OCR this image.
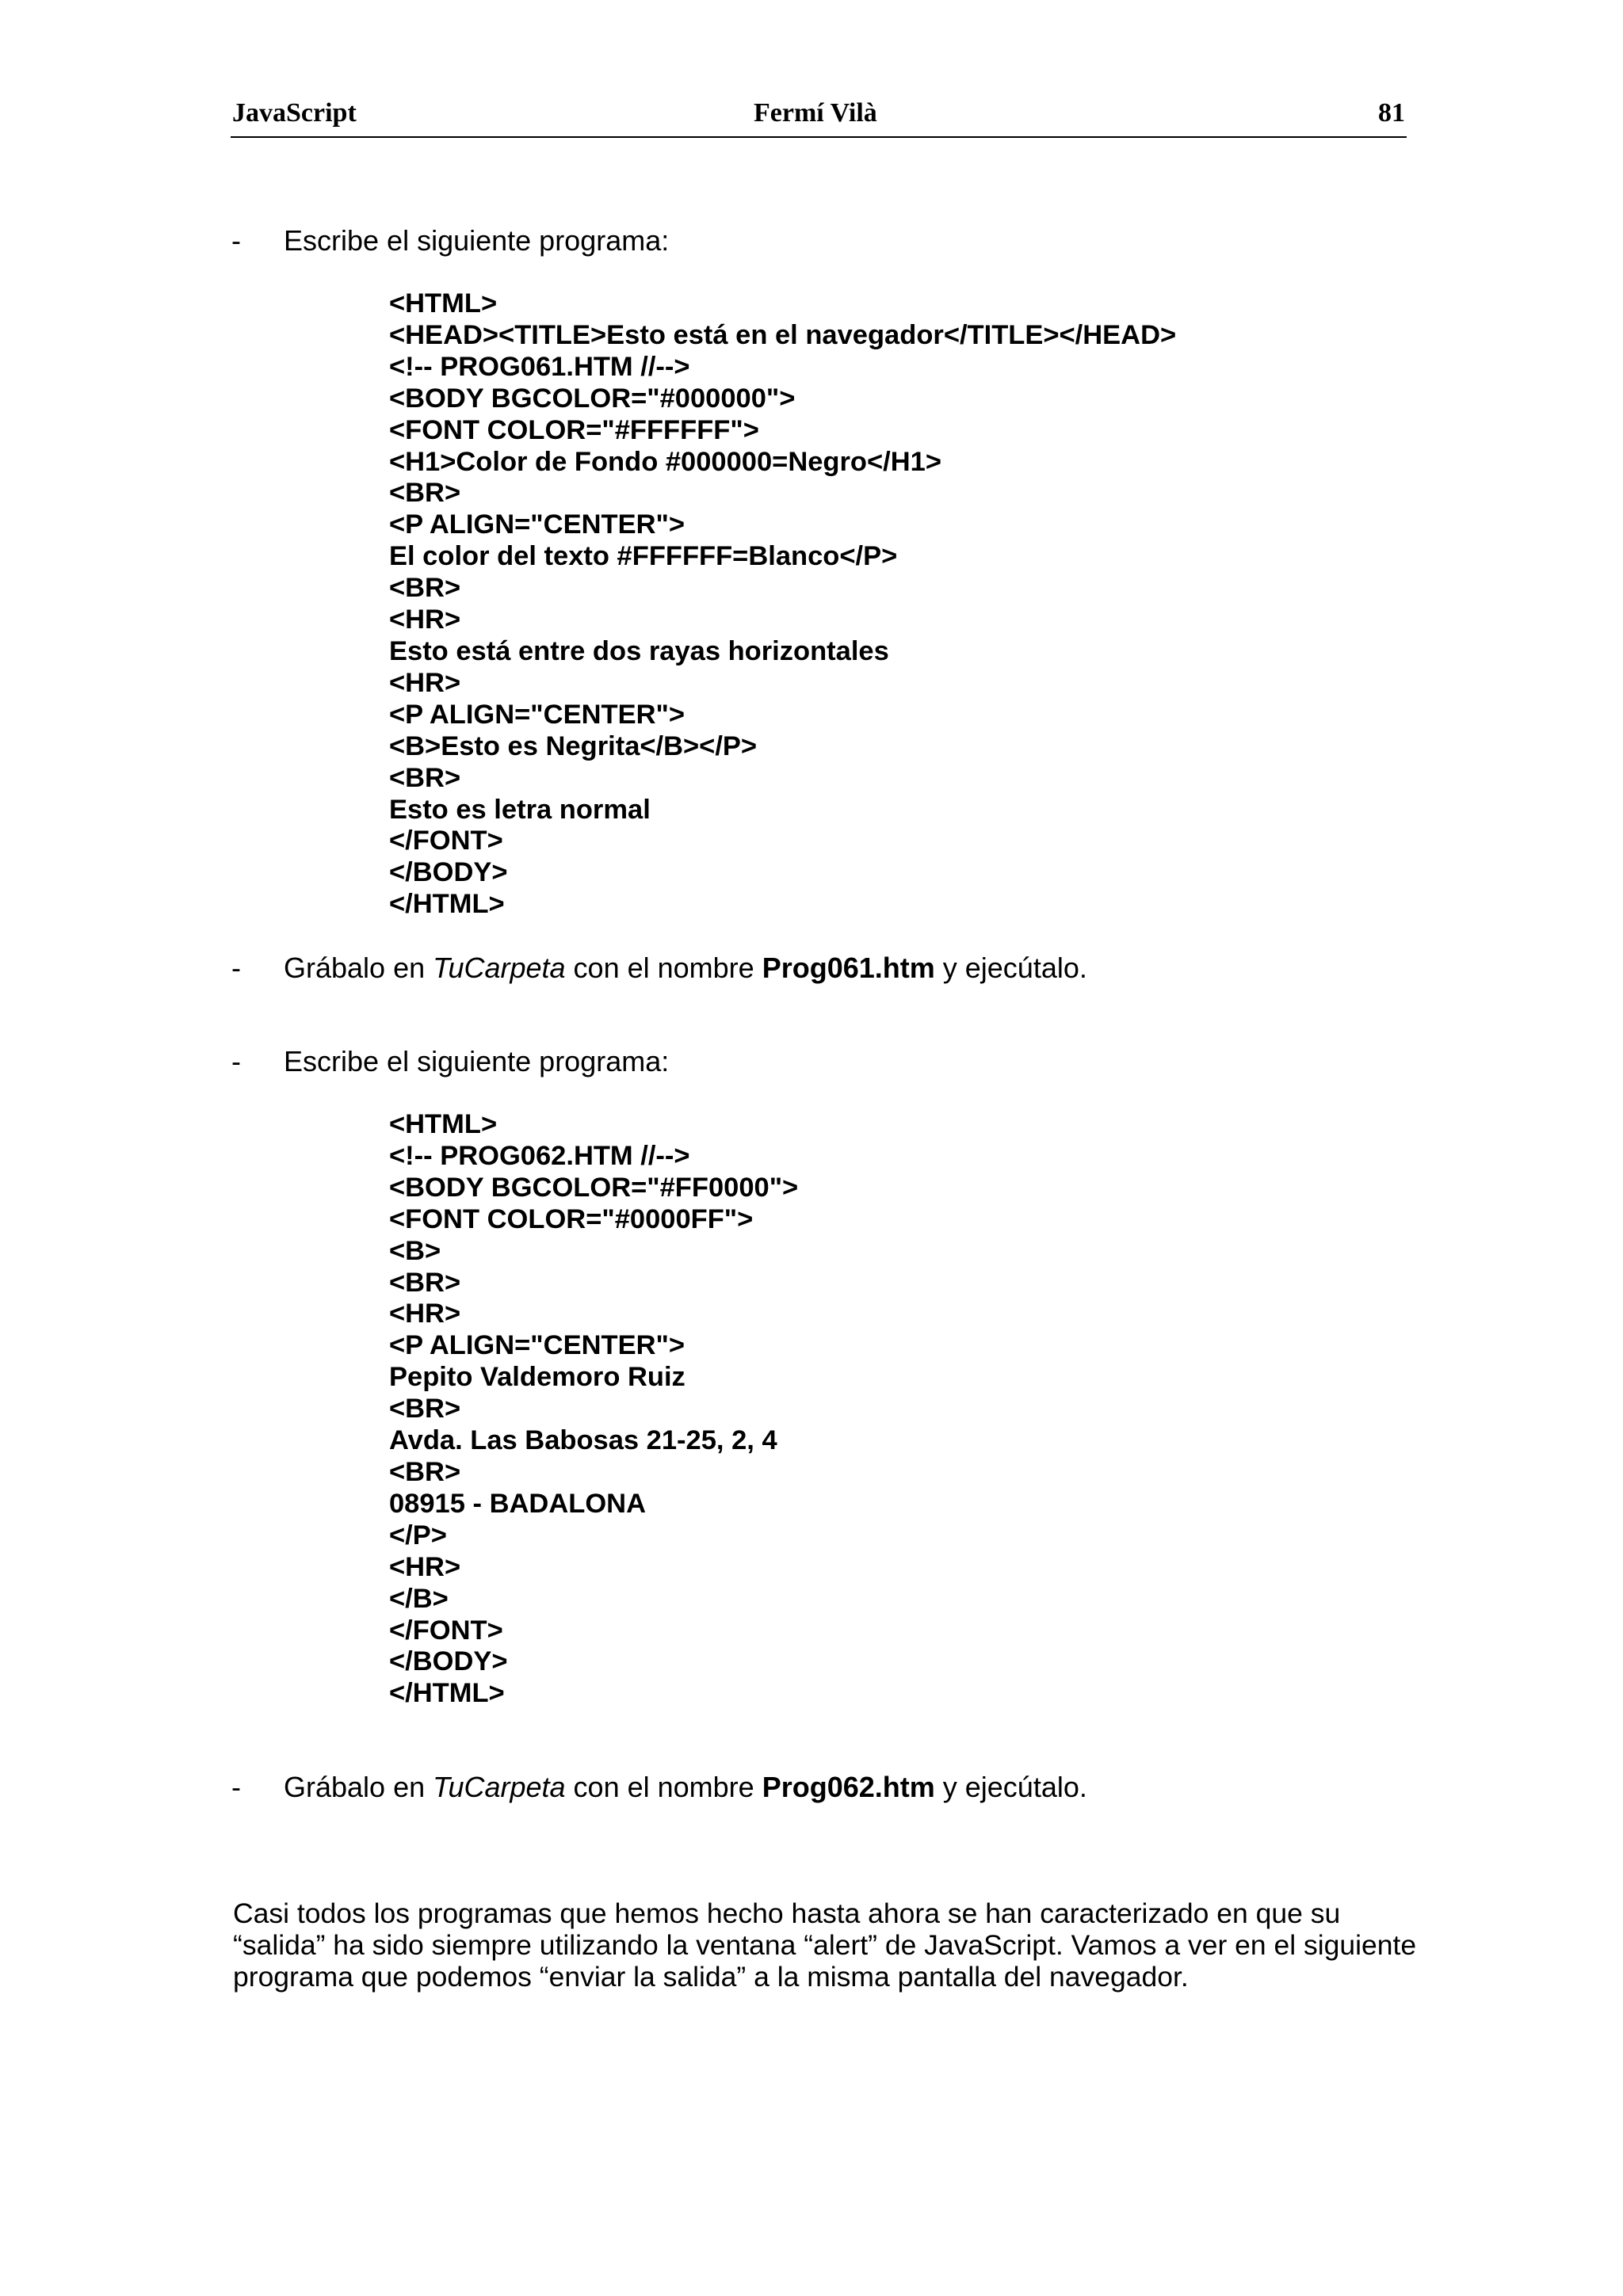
JavaScript	Fermí Vilà	81
- Escribe el siguiente programa:
<HTML>
<HEAD><TITLE>Esto está en el navegador</TITLE></HEAD>
<!-- PROG061.HTM //-->
<BODY BGCOLOR="#000000">
<FONT COLOR="#FFFFFF">
<H1>Color de Fondo #000000=Negro</H1>
<BR>
<P ALIGN="CENTER">
El color del texto #FFFFFF=Blanco</P>
<BR>
<HR>
Esto está entre dos rayas horizontales
<HR>
<P ALIGN="CENTER">
<B>Esto es Negrita</B></P>
<BR>
Esto es letra normal
</FONT>
</BODY>
</HTML>
- Grábalo en TuCarpeta con el nombre Prog061.htm y ejecútalo.
- Escribe el siguiente programa:
<HTML>
<!-- PROG062.HTM //-->
<BODY BGCOLOR="#FF0000">
<FONT COLOR="#0000FF">
<B>
<BR>
<HR>
<P ALIGN="CENTER">
Pepito Valdemoro Ruiz
<BR>
Avda. Las Babosas 21-25, 2, 4
<BR>
08915 - BADALONA
</P>
<HR>
</B>
</FONT>
</BODY>
</HTML>
- Grábalo en TuCarpeta con el nombre Prog062.htm y ejecútalo.
Casi todos los programas que hemos hecho hasta ahora se han caracterizado en que su
“salida” ha sido siempre utilizando la ventana “alert” de JavaScript. Vamos a ver en el siguiente
programa que podemos “enviar la salida” a la misma pantalla del navegador.
